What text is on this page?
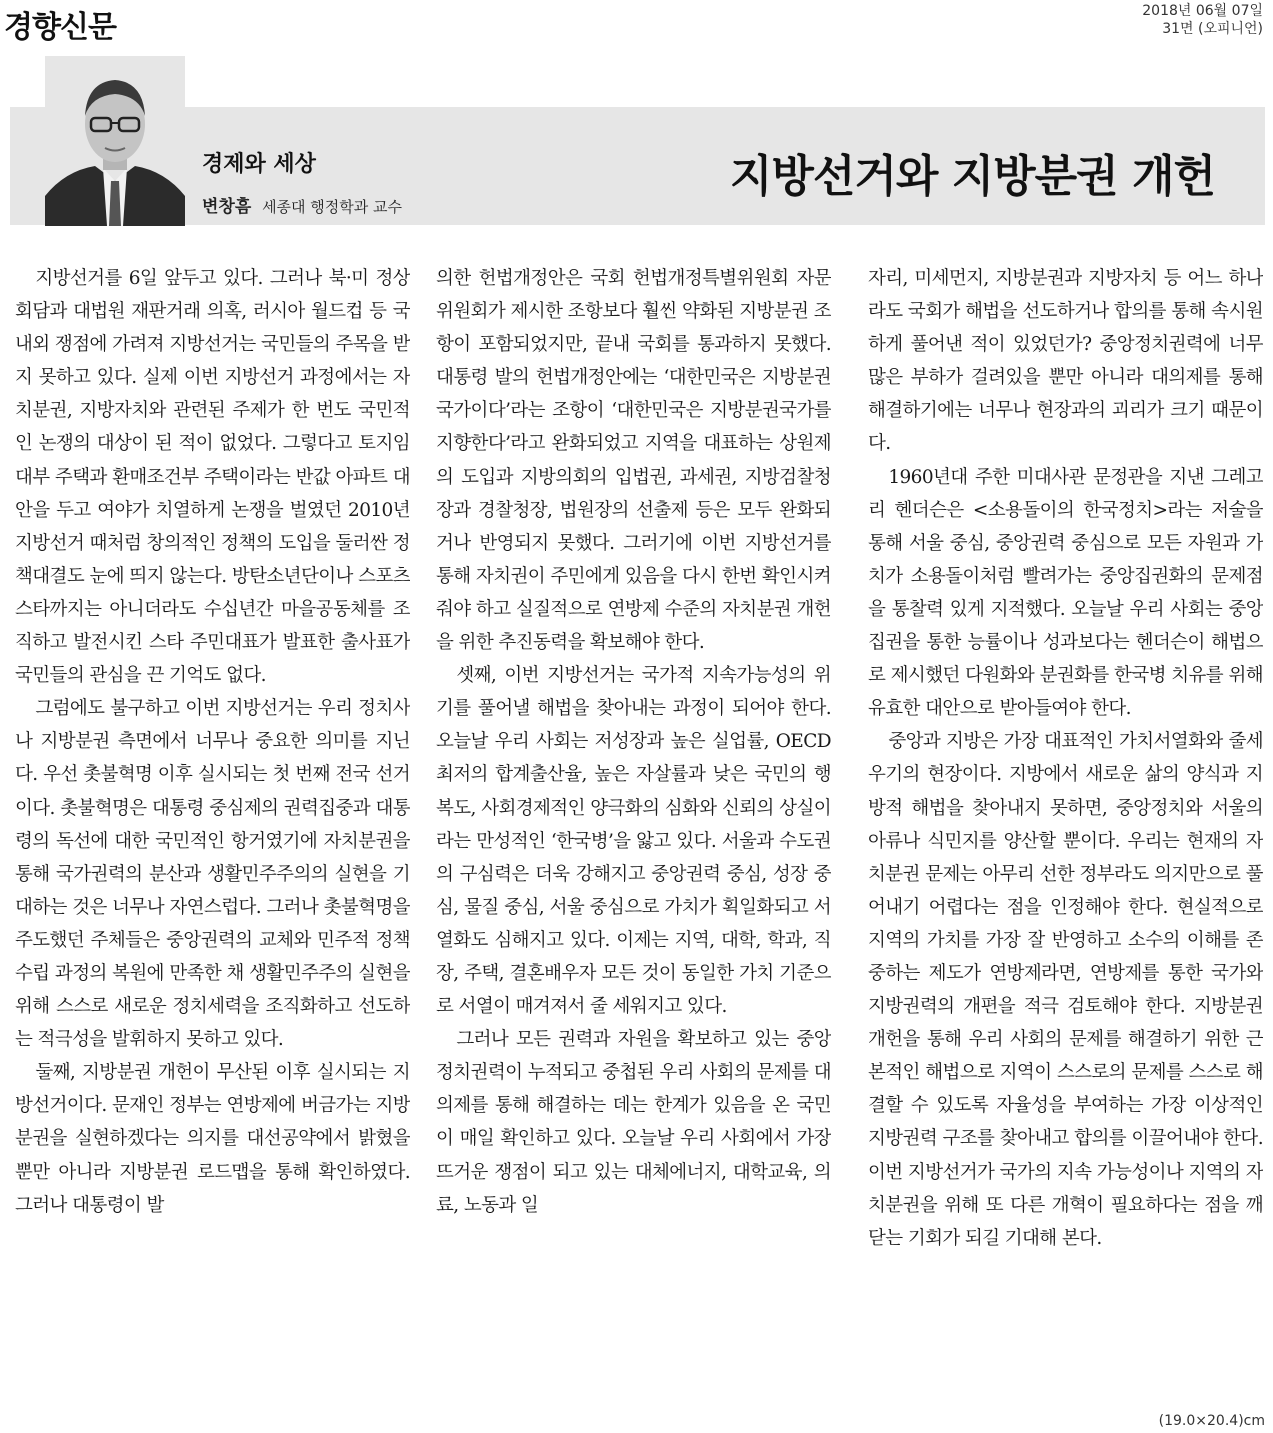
경향신문	2018년 06월 07일
31면 (오피니언)
경제와 세상
변창흠 세종대 행정학과 교수
지방선거와 지방분권 개헌

지방선거를 6일 앞두고 있다. 그러나 북·미 정상회담과 대법원 재판거래 의혹, 러시아 월드컵 등 국내외 쟁점에 가려져 지방선거는 국민들의 주목을 받지 못하고 있다. 실제 이번 지방선거 과정에서는 자치분권, 지방자치와 관련된 주제가 한 번도 국민적인 논쟁의 대상이 된 적이 없었다. 그렇다고 토지임대부 주택과 환매조건부 주택이라는 반값 아파트 대안을 두고 여야가 치열하게 논쟁을 벌였던 2010년 지방선거 때처럼 창의적인 정책의 도입을 둘러싼 정책대결도 눈에 띄지 않는다. 방탄소년단이나 스포츠 스타까지는 아니더라도 수십년간 마을공동체를 조직하고 발전시킨 스타 주민대표가 발표한 출사표가 국민들의 관심을 끈 기억도 없다.

그럼에도 불구하고 이번 지방선거는 우리 정치사나 지방분권 측면에서 너무나 중요한 의미를 지닌다. 우선 촛불혁명 이후 실시되는 첫 번째 전국 선거이다. 촛불혁명은 대통령 중심제의 권력집중과 대통령의 독선에 대한 국민적인 항거였기에 자치분권을 통해 국가권력의 분산과 생활민주주의의 실현을 기대하는 것은 너무나 자연스럽다. 그러나 촛불혁명을 주도했던 주체들은 중앙권력의 교체와 민주적 정책수립 과정의 복원에 만족한 채 생활민주주의 실현을 위해 스스로 새로운 정치세력을 조직화하고 선도하는 적극성을 발휘하지 못하고 있다.

둘째, 지방분권 개헌이 무산된 이후 실시되는 지방선거이다. 문재인 정부는 연방제에 버금가는 지방분권을 실현하겠다는 의지를 대선공약에서 밝혔을 뿐만 아니라 지방분권 로드맵을 통해 확인하였다. 그러나 대통령이 발

의한 헌법개정안은 국회 헌법개정특별위원회 자문위원회가 제시한 조항보다 훨씬 약화된 지방분권 조항이 포함되었지만, 끝내 국회를 통과하지 못했다. 대통령 발의 헌법개정안에는 ‘대한민국은 지방분권국가이다’라는 조항이 ‘대한민국은 지방분권국가를 지향한다’라고 완화되었고 지역을 대표하는 상원제의 도입과 지방의회의 입법권, 과세권, 지방검찰청장과 경찰청장, 법원장의 선출제 등은 모두 완화되거나 반영되지 못했다. 그러기에 이번 지방선거를 통해 자치권이 주민에게 있음을 다시 한번 확인시켜줘야 하고 실질적으로 연방제 수준의 자치분권 개헌을 위한 추진동력을 확보해야 한다.

셋째, 이번 지방선거는 국가적 지속가능성의 위기를 풀어낼 해법을 찾아내는 과정이 되어야 한다. 오늘날 우리 사회는 저성장과 높은 실업률, OECD 최저의 합계출산율, 높은 자살률과 낮은 국민의 행복도, 사회경제적인 양극화의 심화와 신뢰의 상실이라는 만성적인 ‘한국병’을 앓고 있다. 서울과 수도권의 구심력은 더욱 강해지고 중앙권력 중심, 성장 중심, 물질 중심, 서울 중심으로 가치가 획일화되고 서열화도 심해지고 있다. 이제는 지역, 대학, 학과, 직장, 주택, 결혼배우자 모든 것이 동일한 가치 기준으로 서열이 매겨져서 줄 세워지고 있다.

그러나 모든 권력과 자원을 확보하고 있는 중앙정치권력이 누적되고 중첩된 우리 사회의 문제를 대의제를 통해 해결하는 데는 한계가 있음을 온 국민이 매일 확인하고 있다. 오늘날 우리 사회에서 가장 뜨거운 쟁점이 되고 있는 대체에너지, 대학교육, 의료, 노동과 일

자리, 미세먼지, 지방분권과 지방자치 등 어느 하나라도 국회가 해법을 선도하거나 합의를 통해 속시원하게 풀어낸 적이 있었던가? 중앙정치권력에 너무 많은 부하가 걸려있을 뿐만 아니라 대의제를 통해 해결하기에는 너무나 현장과의 괴리가 크기 때문이다.

1960년대 주한 미대사관 문정관을 지낸 그레고리 헨더슨은 <소용돌이의 한국정치>라는 저술을 통해 서울 중심, 중앙권력 중심으로 모든 자원과 가치가 소용돌이처럼 빨려가는 중앙집권화의 문제점을 통찰력 있게 지적했다. 오늘날 우리 사회는 중앙집권을 통한 능률이나 성과보다는 헨더슨이 해법으로 제시했던 다원화와 분권화를 한국병 치유를 위해 유효한 대안으로 받아들여야 한다.

중앙과 지방은 가장 대표적인 가치서열화와 줄세우기의 현장이다. 지방에서 새로운 삶의 양식과 지방적 해법을 찾아내지 못하면, 중앙정치와 서울의 아류나 식민지를 양산할 뿐이다. 우리는 현재의 자치분권 문제는 아무리 선한 정부라도 의지만으로 풀어내기 어렵다는 점을 인정해야 한다. 현실적으로 지역의 가치를 가장 잘 반영하고 소수의 이해를 존중하는 제도가 연방제라면, 연방제를 통한 국가와 지방권력의 개편을 적극 검토해야 한다. 지방분권 개헌을 통해 우리 사회의 문제를 해결하기 위한 근본적인 해법으로 지역이 스스로의 문제를 스스로 해결할 수 있도록 자율성을 부여하는 가장 이상적인 지방권력 구조를 찾아내고 합의를 이끌어내야 한다. 이번 지방선거가 국가의 지속 가능성이나 지역의 자치분권을 위해 또 다른 개혁이 필요하다는 점을 깨닫는 기회가 되길 기대해 본다.

(19.0×20.4)cm
